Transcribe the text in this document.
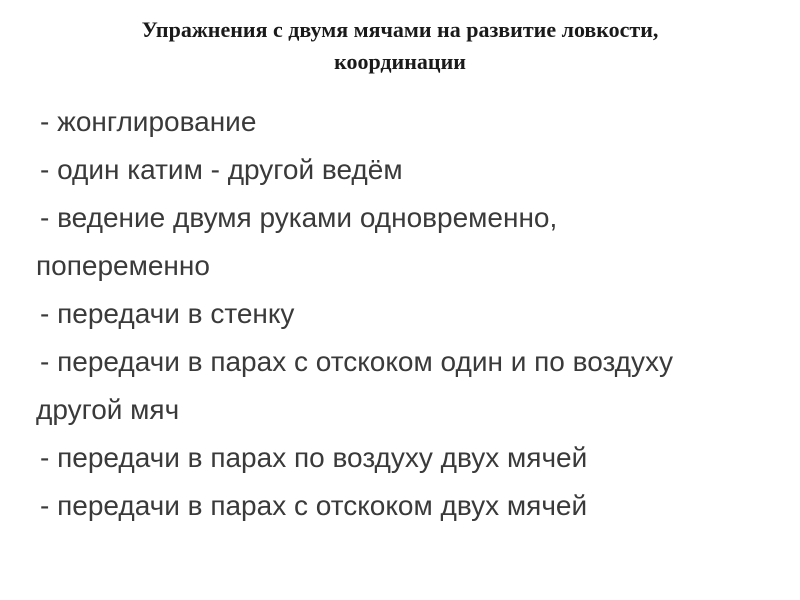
Упражнения с двумя мячами на развитие ловкости,
координации
- жонглирование
- один катим - другой ведём
- ведение двумя руками одновременно,
попеременно
- передачи в стенку
- передачи в парах с отскоком один и по воздуху
другой мяч
- передачи в парах по воздуху двух мячей
- передачи в парах с отскоком двух мячей
